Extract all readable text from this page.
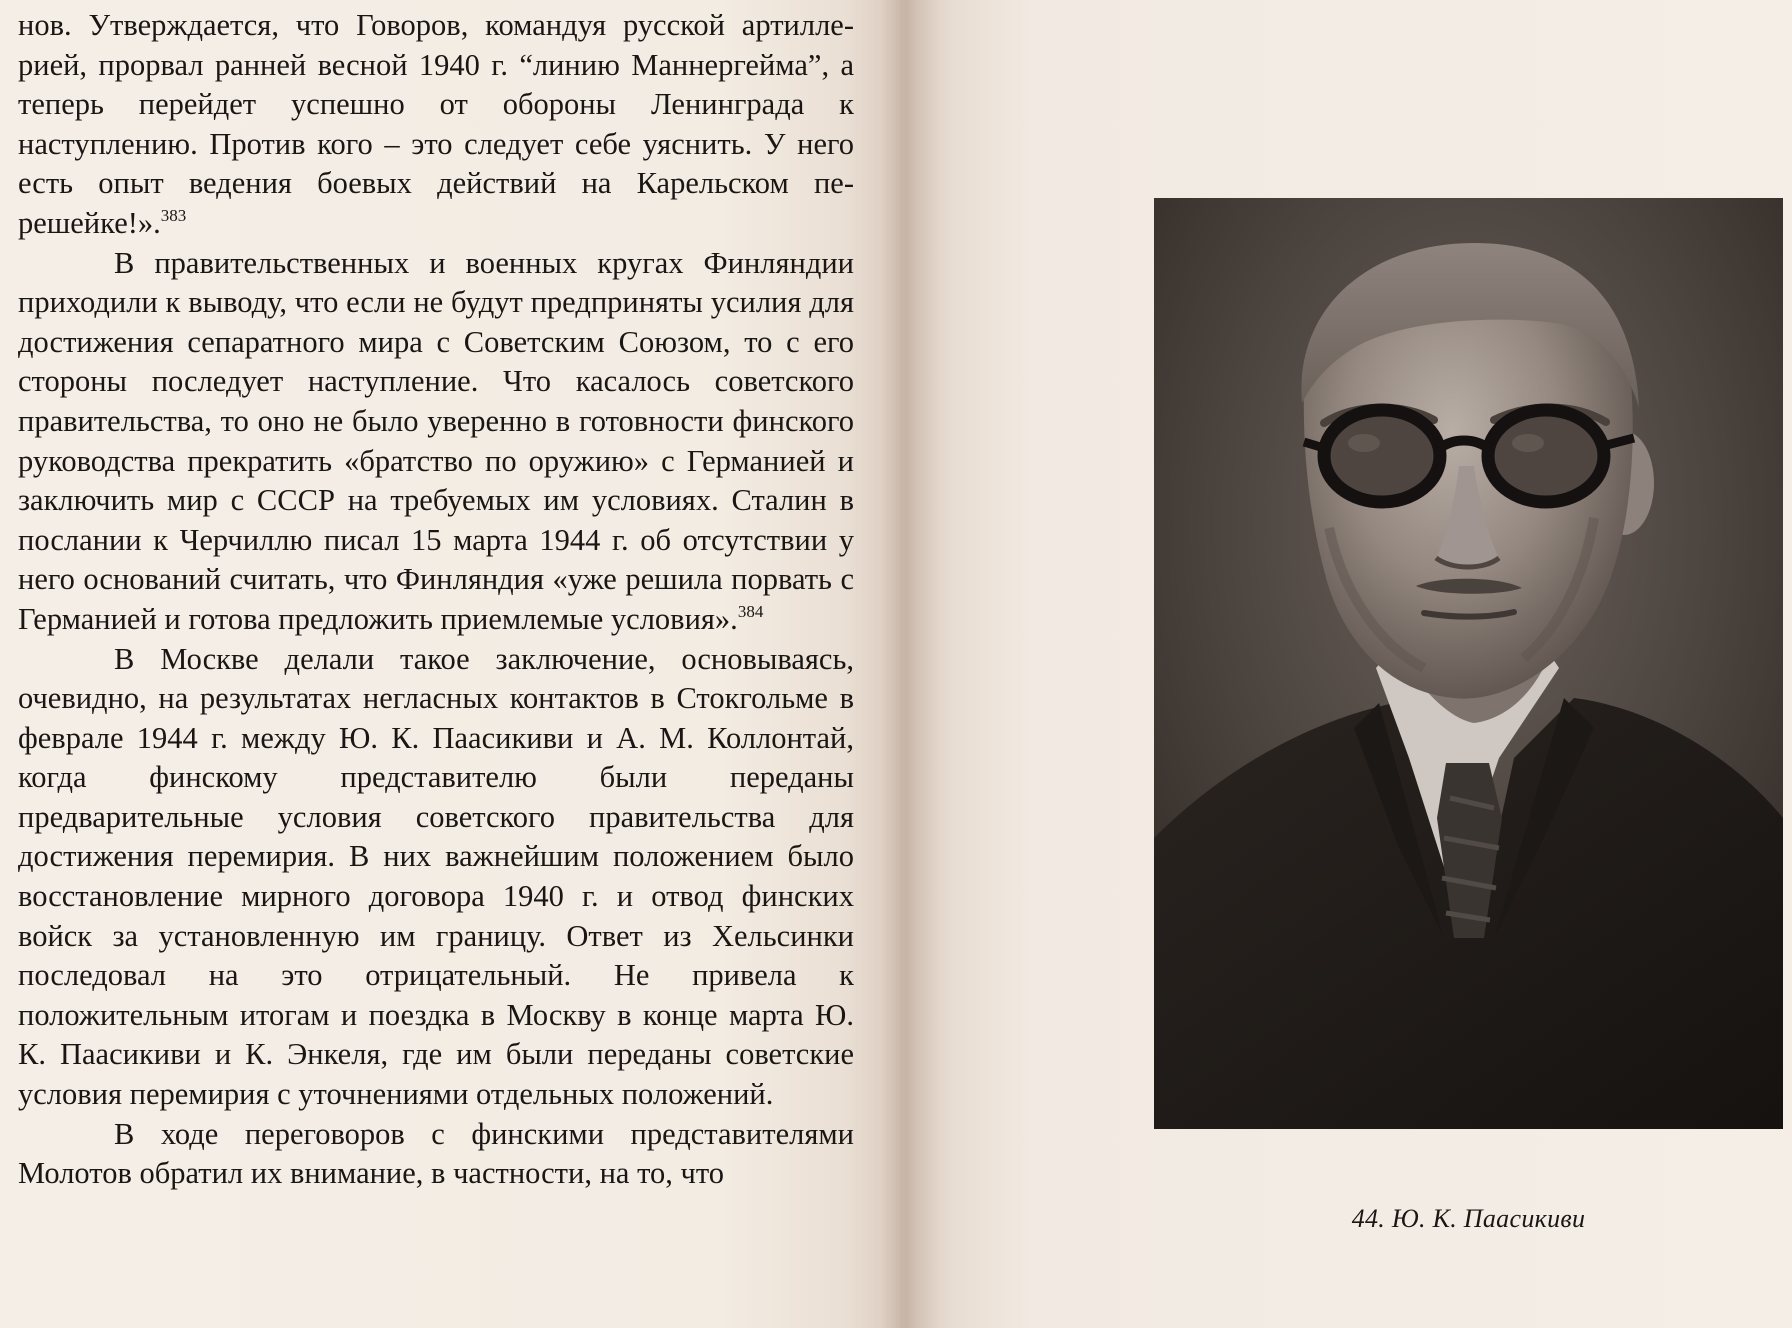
нов. Утверждается, что Говоров, командуя русской артиллерией, прорвал ранней весной 1940 г. “линию Маннергейма”, а теперь перейдет успешно от обороны Ленинграда к наступлению. Против кого – это следует себе уяснить. У него есть опыт ведения боевых действий на Карельском перешейке!».$^{383}$

В правительственных и военных кругах Финляндии приходили к выводу, что если не будут предприняты усилия для достижения сепаратного мира с Советским Союзом, то с его стороны последует наступление. Что касалось советского правительства, то оно не было уверенно в готовности финского руководства прекратить «братство по оружию» с Германией и заключить мир с СССР на требуемых им условиях. Сталин в послании к Черчиллю писал 15 марта 1944 г. об отсутствии у него оснований считать, что Финляндия «уже решила порвать с Германией и готова предложить приемлемые условия».$^{384}$

В Москве делали такое заключение, основываясь, очевидно, на результатах негласных контактов в Стокгольме в феврале 1944 г. между Ю. К. Паасикиви и А. М. Коллонтай, когда финскому представителю были переданы предварительные условия советского правительства для достижения перемирия. В них важнейшим положением было восстановление мирного договора 1940 г. и отвод финских войск за установленную им границу. Ответ из Хельсинки последовал на это отрицательный. Не привела к положительным итогам и поездка в Москву в конце марта Ю. К. Паасикиви и К. Энкеля, где им были переданы советские условия перемирия с уточнениями отдельных положений.

В ходе переговоров с финскими представителями Молотов обратил их внимание, в частности, на то, что

44. Ю. К. Паасикиви
